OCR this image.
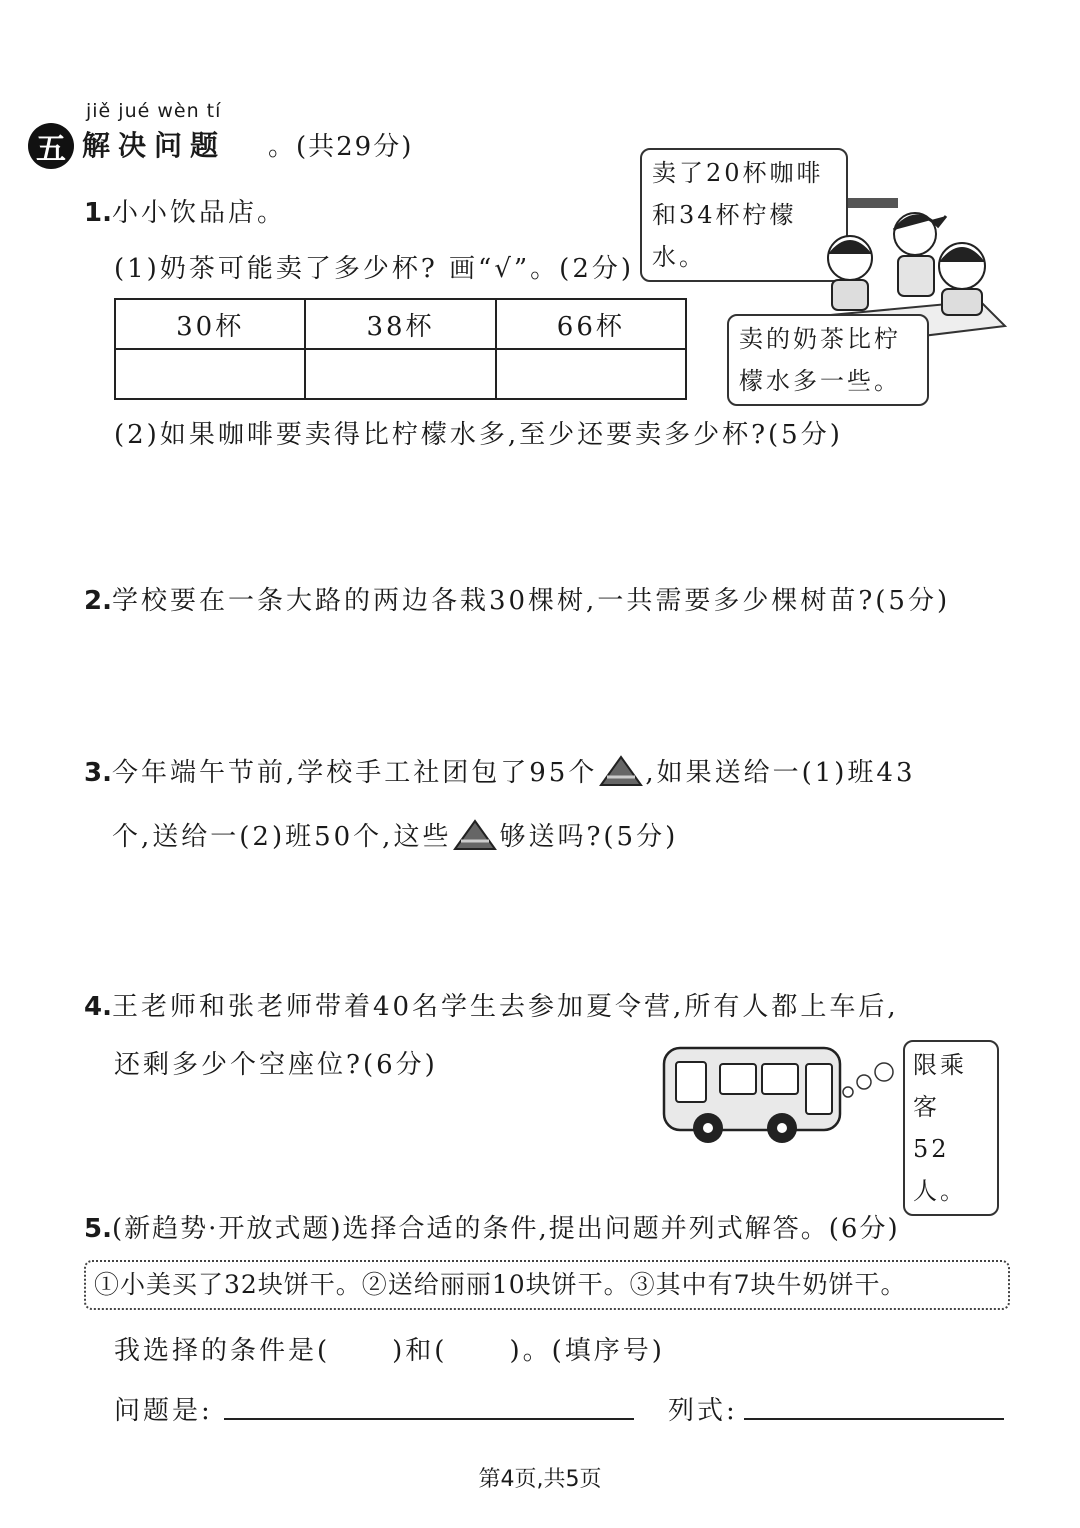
jiě jué wèn tí
五 解决问题 。(共29分)
1.小小饮品店。
卖了20杯咖啡
和34杯柠檬水。
卖的奶茶比柠
檬水多一些。
(1)奶茶可能卖了多少杯? 画“√”。(2分)
30杯	38杯	66杯

(2)如果咖啡要卖得比柠檬水多,至少还要卖多少杯?(5分)
2.学校要在一条大路的两边各栽30棵树,一共需要多少棵树苗?(5分)
3.今年端午节前,学校手工社团包了95个 ,如果送给一(1)班43
个,送给一(2)班50个,这些 够送吗?(5分)
4.王老师和张老师带着40名学生去参加夏令营,所有人都上车后,
还剩多少个空座位?(6分)	限乘客
52人。
5.(新趋势·开放式题)选择合适的条件,提出问题并列式解答。(6分)
①小美买了32块饼干。②送给丽丽10块饼干。③其中有7块牛奶饼干。
我选择的条件是( )和( )。(填序号)
问题是:	列式:
第4页,共5页
